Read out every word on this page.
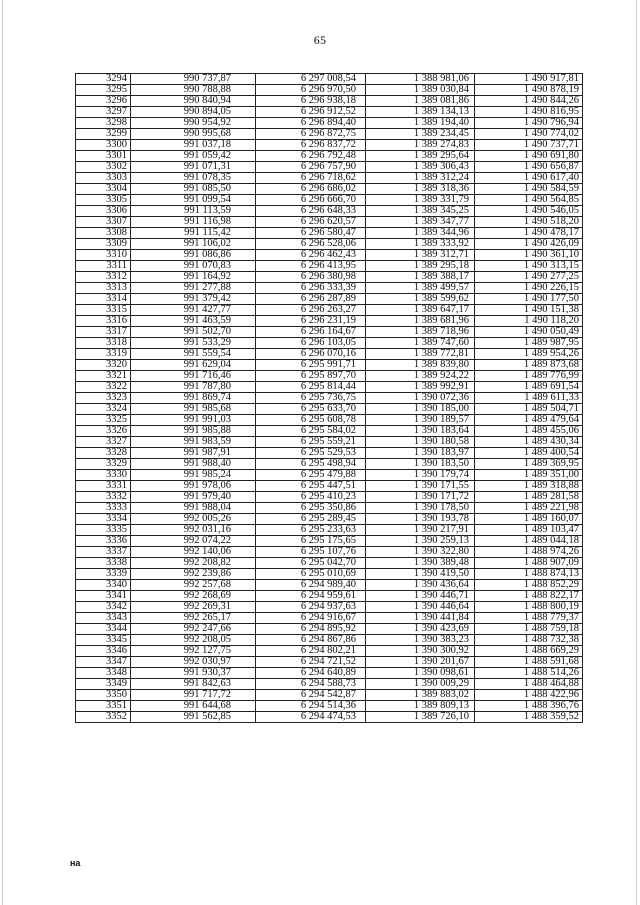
65
3294	990 737,87	6 297 008,54	1 388 981,06	1 490 917,81
3295	990 788,88	6 296 970,50	1 389 030,84	1 490 878,19
3296	990 840,94	6 296 938,18	1 389 081,86	1 490 844,26
3297	990 894,05	6 296 912,52	1 389 134,13	1 490 816,95
3298	990 954,92	6 296 894,40	1 389 194,40	1 490 796,94
3299	990 995,68	6 296 872,75	1 389 234,45	1 490 774,02
3300	991 037,18	6 296 837,72	1 389 274,83	1 490 737,71
3301	991 059,42	6 296 792,48	1 389 295,64	1 490 691,80
3302	991 071,31	6 296 757,90	1 389 306,43	1 490 656,87
3303	991 078,35	6 296 718,62	1 389 312,24	1 490 617,40
3304	991 085,50	6 296 686,02	1 389 318,36	1 490 584,59
3305	991 099,54	6 296 666,70	1 389 331,79	1 490 564,85
3306	991 113,59	6 296 648,33	1 389 345,25	1 490 546,05
3307	991 116,98	6 296 620,57	1 389 347,77	1 490 518,20
3308	991 115,42	6 296 580,47	1 389 344,96	1 490 478,17
3309	991 106,02	6 296 528,06	1 389 333,92	1 490 426,09
3310	991 086,86	6 296 462,43	1 389 312,71	1 490 361,10
3311	991 070,83	6 296 413,95	1 389 295,18	1 490 313,15
3312	991 164,92	6 296 380,98	1 389 388,17	1 490 277,25
3313	991 277,88	6 296 333,39	1 389 499,57	1 490 226,15
3314	991 379,42	6 296 287,89	1 389 599,62	1 490 177,50
3315	991 427,77	6 296 263,27	1 389 647,17	1 490 151,38
3316	991 463,59	6 296 231,19	1 389 681,96	1 490 118,20
3317	991 502,70	6 296 164,67	1 389 718,96	1 490 050,49
3318	991 533,29	6 296 103,05	1 389 747,60	1 489 987,95
3319	991 559,54	6 296 070,16	1 389 772,81	1 489 954,26
3320	991 629,04	6 295 991,71	1 389 839,80	1 489 873,68
3321	991 716,46	6 295 897,70	1 389 924,22	1 489 776,99
3322	991 787,80	6 295 814,44	1 389 992,91	1 489 691,54
3323	991 869,74	6 295 736,75	1 390 072,36	1 489 611,33
3324	991 985,68	6 295 633,70	1 390 185,00	1 489 504,71
3325	991 991,03	6 295 608,78	1 390 189,57	1 489 479,64
3326	991 985,88	6 295 584,02	1 390 183,64	1 489 455,06
3327	991 983,59	6 295 559,21	1 390 180,58	1 489 430,34
3328	991 987,91	6 295 529,53	1 390 183,97	1 489 400,54
3329	991 988,40	6 295 498,94	1 390 183,50	1 489 369,95
3330	991 985,24	6 295 479,88	1 390 179,74	1 489 351,00
3331	991 978,06	6 295 447,51	1 390 171,55	1 489 318,88
3332	991 979,40	6 295 410,23	1 390 171,72	1 489 281,58
3333	991 988,04	6 295 350,86	1 390 178,50	1 489 221,98
3334	992 005,26	6 295 289,45	1 390 193,78	1 489 160,07
3335	992 031,16	6 295 233,63	1 390 217,91	1 489 103,47
3336	992 074,22	6 295 175,65	1 390 259,13	1 489 044,18
3337	992 140,06	6 295 107,76	1 390 322,80	1 488 974,26
3338	992 208,82	6 295 042,70	1 390 389,48	1 488 907,09
3339	992 239,86	6 295 010,69	1 390 419,50	1 488 874,13
3340	992 257,68	6 294 989,40	1 390 436,64	1 488 852,29
3341	992 268,69	6 294 959,61	1 390 446,71	1 488 822,17
3342	992 269,31	6 294 937,63	1 390 446,64	1 488 800,19
3343	992 265,17	6 294 916,67	1 390 441,84	1 488 779,37
3344	992 247,66	6 294 895,92	1 390 423,69	1 488 759,18
3345	992 208,05	6 294 867,86	1 390 383,23	1 488 732,38
3346	992 127,75	6 294 802,21	1 390 300,92	1 488 669,29
3347	992 030,97	6 294 721,52	1 390 201,67	1 488 591,68
3348	991 930,37	6 294 640,89	1 390 098,61	1 488 514,26
3349	991 842,63	6 294 588,73	1 390 009,29	1 488 464,88
3350	991 717,72	6 294 542,87	1 389 883,02	1 488 422,96
3351	991 644,68	6 294 514,36	1 389 809,13	1 488 396,76
3352	991 562,85	6 294 474,53	1 389 726,10	1 488 359,52
на
